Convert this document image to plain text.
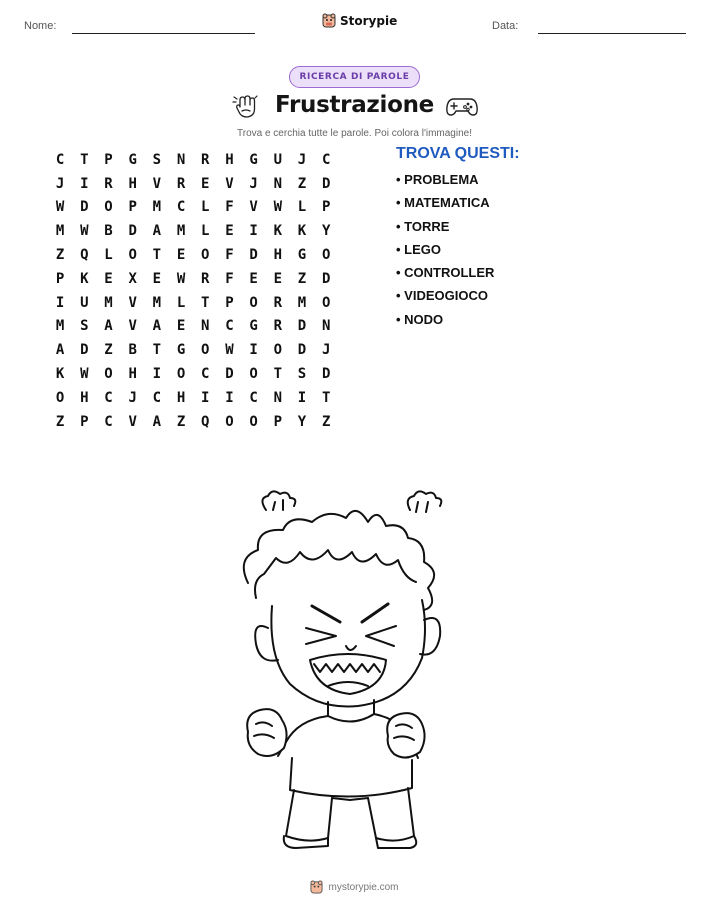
Nome:	Storypie	Data:
RICERCA DI PAROLE
Frustrazione
Trova e cerchia tutte le parole. Poi colora l'immagine!
C	T	P	G	S	N	R	H	G	U	J	C
J	I	R	H	V	R	E	V	J	N	Z	D
W	D	O	P	M	C	L	F	V	W	L	P
M	W	B	D	A	M	L	E	I	K	K	Y
Z	Q	L	O	T	E	O	F	D	H	G	O
P	K	E	X	E	W	R	F	E	E	Z	D
I	U	M	V	M	L	T	P	O	R	M	O
M	S	A	V	A	E	N	C	G	R	D	N
A	D	Z	B	T	G	O	W	I	O	D	J
K	W	O	H	I	O	C	D	O	T	S	D
O	H	C	J	C	H	I	I	C	N	I	T
Z	P	C	V	A	Z	Q	O	O	P	Y	Z
TROVA QUESTI:
• PROBLEMA
• MATEMATICA
• TORRE
• LEGO
• CONTROLLER
• VIDEOGIOCO
• NODO
mystorypie.com
